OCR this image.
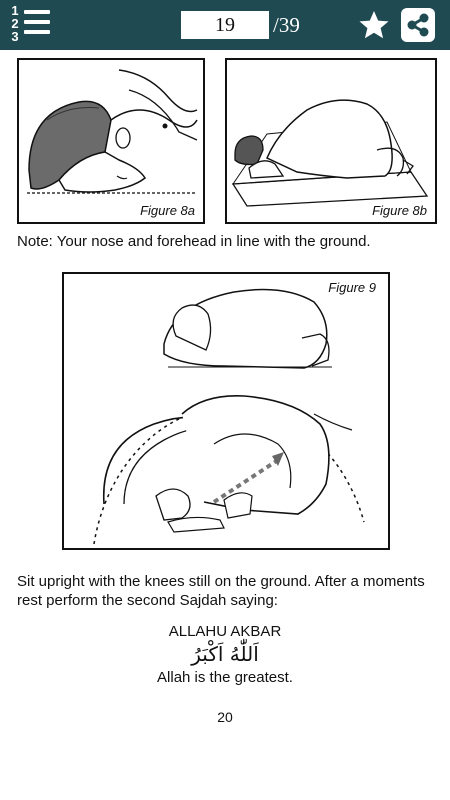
1
2
3
19	/39
Figure 8a	Figure 8b
Note: Your nose and forehead in line with the ground.
Figure 9
Sit upright with the knees still on the ground. After a moments
rest perform the second Sajdah saying:
ALLAHU AKBAR
اَللّٰهُ اَكْبَرُ
Allah is the greatest.
20
